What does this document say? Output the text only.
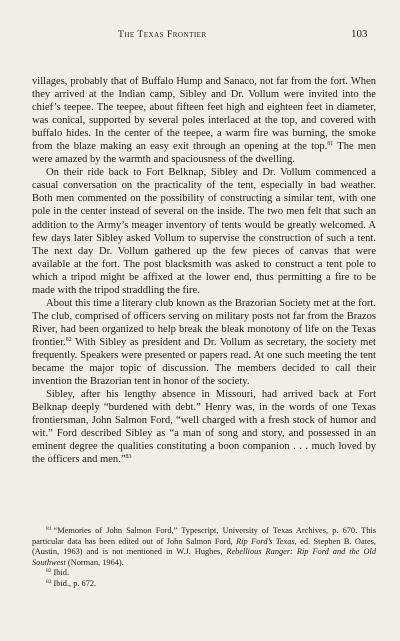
The Texas Frontier	103

villages, probably that of Buffalo Hump and Sanaco, not far from the fort. When they arrived at the Indian camp, Sibley and Dr. Vollum were invited into the chief’s teepee. The teepee, about fifteen feet high and eighteen feet in diameter, was conical, supported by several poles interlaced at the top, and covered with buffalo hides. In the center of the teepee, a warm fire was burning, the smoke from the blaze making an easy exit through an opening at the top.$^{81}$ The men were amazed by the warmth and spaciousness of the dwelling.

On their ride back to Fort Belknap, Sibley and Dr. Vollum commenced a casual conversation on the practicality of the tent, especially in bad weather. Both men commented on the possibility of constructing a similar tent, with one pole in the center instead of several on the inside. The two men felt that such an addition to the Army’s meager inventory of tents would be greatly welcomed. A few days later Sibley asked Vollum to supervise the construction of such a tent. The next day Dr. Vollum gathered up the few pieces of canvas that were available at the fort. The post blacksmith was asked to construct a tent pole to which a tripod might be affixed at the lower end, thus permitting a fire to be made with the tripod straddling the fire.

About this time a literary club known as the Brazorian Society met at the fort. The club, comprised of officers serving on military posts not far from the Brazos River, had been organized to help break the bleak monotony of life on the Texas frontier.$^{82}$ With Sibley as president and Dr. Vollum as secretary, the society met frequently. Speakers were presented or papers read. At one such meeting the tent became the major topic of discussion. The members decided to call their invention the Brazorian tent in honor of the society.

Sibley, after his lengthy absence in Missouri, had arrived back at Fort Belknap deeply “burdened with debt.” Henry was, in the words of one Texas frontiersman, John Salmon Ford, “well charged with a fresh stock of humor and wit.” Ford described Sibley as “a man of song and story, and possessed in an eminent degree the qualities constituting a boon companion . . . much loved by the officers and men.”$^{83}$

$^{81}$ “Memories of John Salmon Ford,” Typescript, University of Texas Archives, p. 670. This particular data has been edited out of John Salmon Ford, Rip Ford’s Texas, ed. Stephen B. Oates, (Austin, 1963) and is not mentioned in W.J. Hughes, Rebellious Ranger: Rip Ford and the Old Southwest (Norman, 1964).

$^{82}$ Ibid.

$^{83}$ Ibid., p. 672.
